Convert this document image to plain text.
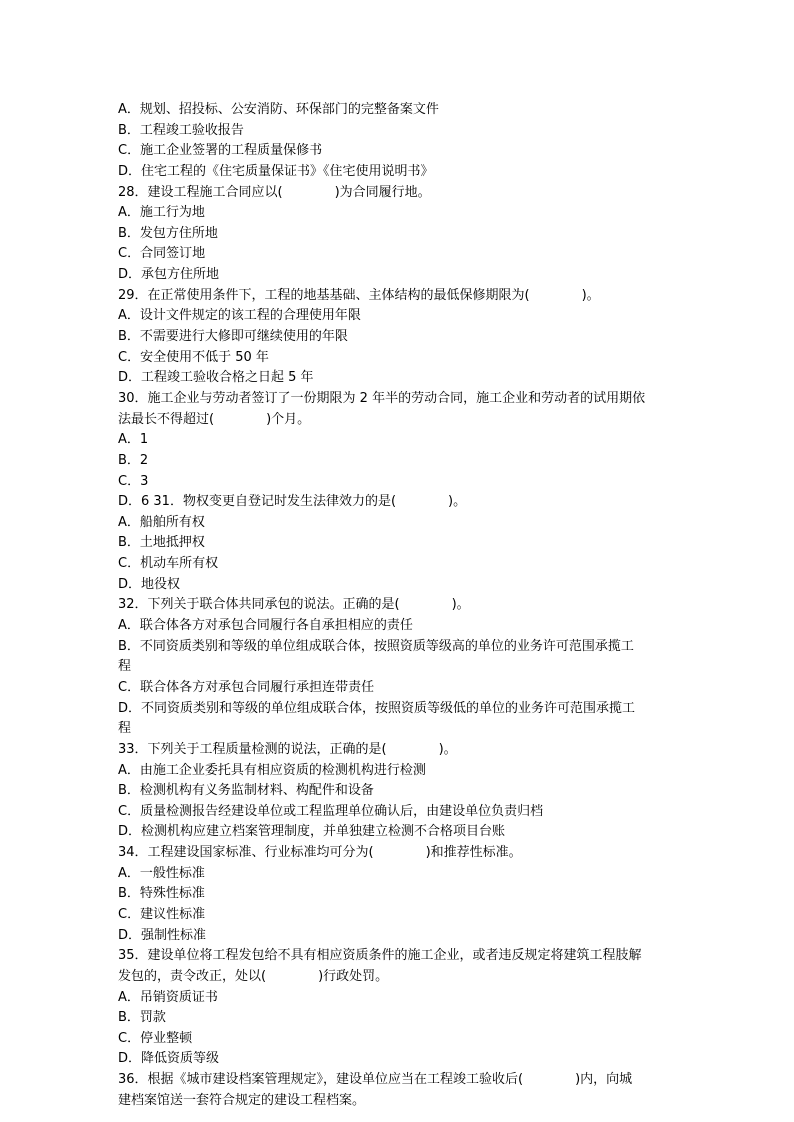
A．规划、招投标、公安消防、环保部门的完整备案文件
B．工程竣工验收报告
C．施工企业签署的工程质量保修书
D．住宅工程的《住宅质量保证书》《住宅使用说明书》
28．建设工程施工合同应以(　　　　)为合同履行地。
A．施工行为地
B．发包方住所地
C．合同签订地
D．承包方住所地
29．在正常使用条件下，工程的地基基础、主体结构的最低保修期限为(　　　　)。
A．设计文件规定的该工程的合理使用年限
B．不需要进行大修即可继续使用的年限
C．安全使用不低于 50 年
D．工程竣工验收合格之日起 5 年
30．施工企业与劳动者签订了一份期限为 2 年半的劳动合同，施工企业和劳动者的试用期依
法最长不得超过(　　　　)个月。
A．1
B．2
C．3
D．6 31．物权变更自登记时发生法律效力的是(　　　　)。
A．船舶所有权
B．土地抵押权
C．机动车所有权
D．地役权
32．下列关于联合体共同承包的说法。正确的是(　　　　)。
A．联合体各方对承包合同履行各自承担相应的责任
B．不同资质类别和等级的单位组成联合体，按照资质等级高的单位的业务许可范围承揽工
程
C．联合体各方对承包合同履行承担连带责任
D．不同资质类别和等级的单位组成联合体，按照资质等级低的单位的业务许可范围承揽工
程
33．下列关于工程质量检测的说法，正确的是(　　　　)。
A．由施工企业委托具有相应资质的检测机构进行检测
B．检测机构有义务监制材料、构配件和设备
C．质量检测报告经建设单位或工程监理单位确认后，由建设单位负责归档
D．检测机构应建立档案管理制度，并单独建立检测不合格项目台账
34．工程建设国家标准、行业标准均可分为(　　　　)和推荐性标准。
A．一般性标准
B．特殊性标准
C．建议性标准
D．强制性标准
35．建设单位将工程发包给不具有相应资质条件的施工企业，或者违反规定将建筑工程肢解
发包的，责令改正，处以(　　　　)行政处罚。
A．吊销资质证书
B．罚款
C．停业整顿
D．降低资质等级
36．根据《城市建设档案管理规定》，建设单位应当在工程竣工验收后(　　　　)内，向城
建档案馆送一套符合规定的建设工程档案。
